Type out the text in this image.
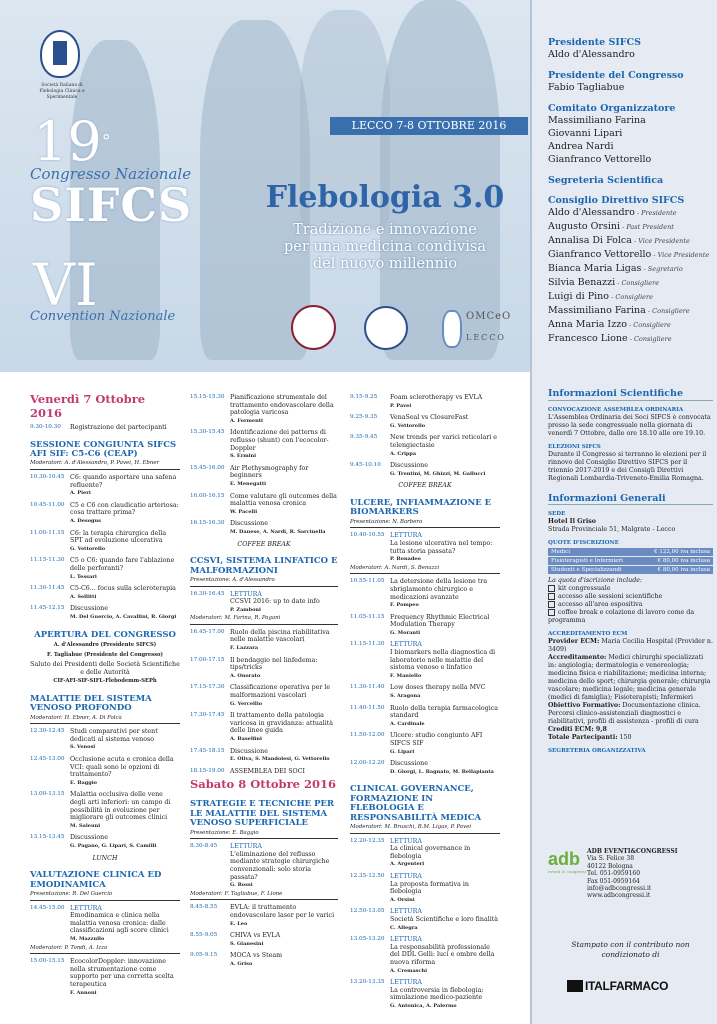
Società Italiana di Flebologia Clinica e Sperimentale
19°
Congresso Nazionale
SIFCS
VI
Convention Nazionale
LECCO 7-8 OTTOBRE 2016
Flebologia 3.0
Tradizione e innovazione
per una medicina condivisa
del nuovo millennio
OMCeO
LECCO
Presidente SIFCS
Aldo d'Alessandro
Presidente del Congresso
Fabio Tagliabue
Comitato Organizzatore
Massimiliano Farina
Giovanni Lipari
Andrea Nardi
Gianfranco Vettorello
Segreteria Scientifica
Consiglio Direttivo SIFCS
Aldo d'Alessandro - Presidente
Augusto Orsini - Past President
Annalisa Di Folca - Vice Presidente
Gianfranco Vettorello - Vice Presidente
Bianca Maria Ligas - Segretario
Silvia Benazzi - Consigliere
Luigi di Pino - Consigliere
Massimiliano Farina - Consigliere
Anna Maria Izzo - Consigliere
Francesco Lione - Consigliere
Venerdì 7 Ottobre 2016
9.30-10.30	Registrazione dei partecipanti
SESSIONE CONGIUNTA SIFCS AFI SIF: C5-C6 (CEAP)
Moderatori: A. d'Alessandro, P. Pavei, H. Ebner
10.30-10.45 C6: quando asportare una safena refluente?
A. Pieri
10.45-11.00 C5 e C6 con claudicatio arteriosa: cosa trattare prima?
A. Desogus
11.00-11.15 C6: la terapia chirurgica della SPT ad evoluzione ulcerativa
G. Vettorello
11.15-11.30 C5 o C6: quando fare l'ablazione delle perforanti?
L. Tessari
11.30-11.45 C5-C6... focus sulla scleroterapia
A. Sellitti
11.45-12.15 Discussione
M. Del Guercio, A. Cavallini, R. Giorgi
APERTURA DEL CONGRESSO
A. d'Alessandro (Presidente SIFCS)
F. Tagliabue (Presidente del Congresso)
Saluto dei Presidenti delle Società Scientifiche e delle Autorità
CIF-AFI-SIF-SIFL-Flebodemm-SEPh
MALATTIE DEL SISTEMA VENOSO PROFONDO
Moderatori: H. Ebner, A. Di Folca
12.30-12.45 Studi comparativi per stent dedicati al sistema venoso
S. Venosi
12.45-13.00 Occlusione acuta e cronica della VCI: quali sono le opzioni di trattamento?
E. Baggio
13.00-13.15 Malattia occlusiva delle vene degli arti inferiori: un campo di possibilità in evoluzione per migliorare gli outcomes clinici
M. Saleuni
13.15-13.45 Discussione
G. Pagano, G. Lipari, S. Camilli
LUNCH
VALUTAZIONE CLINICA ED EMODINAMICA
Presentazione: R. Del Guercio
14.45-15.00 LETTURA
Emodinamica e clinica nella malattia venosa cronica: dalle classificazioni agli score clinici
M. Mazzullo
Moderatori: P. Tondi, A. Izzo
15.00-15.15 EcocolorDoppler: innovazione nella strumentazione come supporto per una corretta scelta terapeutica
F. Annoni
15.15-15.30 Pianificazione strumentale del trattamento endovascolare della patologia varicosa
A. Formenti
15.30-15.45 Identificazione dei patterns di reflusso (shunt) con l'ecocolor-Doppler
S. Ermini
15.45-16.00 Air Plethysmography for beginners
E. Menegatti
16.00-16.15 Come valutare gli outcomes della malattia venosa cronica
W. Pacelli
16.15-16.30 Discussione
M. Danese, A. Nardi, R. Sarcinella
COFFEE BREAK
CCSVI, SISTEMA LINFATICO E MALFORMAZIONI
Presentazione: A. d'Alessandro
16.30-16.45 LETTURA
CCSVI 2016: up to date info
P. Zamboni
Moderatori: M. Farina, R. Pagani
16.45-17.00 Ruolo della piscina riabilitativa nelle malattie vascolari
F. Lazzara
17.00-17.15 Il bendaggio nel linfedema: tips/tricks
A. Onorato
17.15-17.30 Classificazione operativa per le malformazioni vascolari
G. Vercellio
17.30-17.45 Il trattamento della patologia varicosa in gravidanza: attualità delle linee guida
A. Baselfini
17.45-18.15 Discussione
E. Oliva, S. Mandolesi, G. Vettorello
18.15-19.00 ASSEMBLEA DEI SOCI
Sabato 8 Ottobre 2016
STRATEGIE E TECNICHE PER LE MALATTIE DEL SISTEMA VENOSO SUPERFICIALE
Presentazione: E. Baggio
8.30-8.45	LETTURA
L'eliminazione del reflusso mediante strategie chirurgiche convenzionali: solo storia passata?
G. Rossi
Moderatori: F. Tagliabue, F. Lione
8.45-8.55	EVLA: il trattamento endovascolare laser per le varici
E. Leo
8.55-9.05	CHIVA vs EVLA
S. Gianesini
9.05-9.15	MOCA vs Steam
A. Griso
9.15-9.25	Foam sclerotherapy vs EVLA
P. Pavei
9.25-9.35	VenaSeal vs ClosureFast
G. Vettorello
9.35-9.45	New trends per varici reticolari e telengiectasie
A. Crippa
9.45-10.10	Discussione
G. Trentini, M. Ghizzi, M. Gallucci
COFFEE BREAK
ULCERE, INFIAMMAZIONE E BIOMARKERS
Presentazione: N. Barbera
10.40-10.55 LETTURA
La lesione ulcerativa nel tempo: tutta storia passata?
P. Bonadeo
Moderatori: A. Nardi, S. Benazzi
10.55-11.05 La detersione della lesione tra sbriglamento chirurgico e medicazioni avanzate
F. Pompeo
11.05-11.15 Frequency Rhythmic Electrical Modulation Therapy
G. Moranti
11.15-11.30 LETTURA
I biomarkers nella diagnostica di laboratorio nelle malattie del sistema venoso e linfatico
F. Maniello
11.30-11.40 Low doses therapy nella MVC
S. Aragona
11.40-11.50 Ruolo della terapia farmacologica standard
A. Cardinale
11.50-12.00 Ulcere: studio congiunto AFI SIFCS SIF
G. Lipari
12.00-12.20 Discussione
D. Giorgi, L. Bagnato, M. Bellapianta
CLINICAL GOVERNANCE, FORMAZIONE IN FLEBOLOGIA E RESPONSABILITÀ MEDICA
Moderatori: M. Bruschi, B.M. Ligas, P. Pavei
12.20-12.35 LETTURA
La clinical governance in flebologia
A. Argenteri
12.35-12.50 LETTURA
La proposta formativa in flebologia
A. Orsini
12.50-13.05 LETTURA
Società Scientifiche e loro finalità
C. Allegra
13.05-13.20 LETTURA
La responsabilità professionale del DDL Gelli: luci e ombre della nuova riforma
A. Cremaschi
13.20-13.35 LETTURA
La controversia in flebologia: simulazione medico-paziente
G. Antonica, A. Palermo
Informazioni Scientifiche
CONVOCAZIONE ASSEMBLEA ORDINARIA
L'Assemblea Ordinaria dei Soci SIFCS è convocata presso la sede congressuale nella giornata di venerdì 7 Ottobre, dalle ore 18.10 alle ore 19.10.
ELEZIONI SIFCS
Durante il Congresso si terranno le elezioni per il rinnovo del Consiglio Direttivo SIFCS per il triennio 2017-2019 e dei Consigli Direttivi Regionali Lombardia-Triveneto-Emilia Romagna.
Informazioni Generali
SEDE
Hotel Il Griso
Strada Provinciale 51, Malgrate - Lecco
QUOTE D'ISCRIZIONE
Medici	€ 122,00 iva inclusa
Fisioterapisti e Infermieri	€ 80,00 iva inclusa
Studenti e Specializzandi	€ 80,00 iva inclusa
La quota d'iscrizione include:
kit congressuale
accesso alle sessioni scientifiche
accesso all'area espositiva
coffee break e colazione di lavoro come da programma
ACCREDITAMENTO ECM
Provider ECM: Maria Cecilia Hospital (Provider n. 3409)
Accreditamento: Medici chirurghi specializzati in: angiologia; dermatologia e venereologia; medicina fisica e riabilitazione; medicina interna; medicina dello sport; chirurgia generale; chirurgia vascolare; medicina legale; medicina generale (medici di famiglia); Fisioterapisti; Infermieri
Obiettivo Formativo: Documentazione clinica. Percorsi clinico-assistenziali diagnostici e riabilitativi, profili di assistenza - profili di cura
Crediti ECM: 9,8
Totale Partecipanti: 150
SEGRETERIA ORGANIZZATIVA
adb
eventi & congressi
ADB EVENTI&CONGRESSI
Via S. Felice 38
40122 Bologna
Tel. 051-0959160
Fax 051-0959164
info@adbcongressi.it
www.adbcongressi.it
Stampato con il contributo non condizionato di
ITALFARMACO
